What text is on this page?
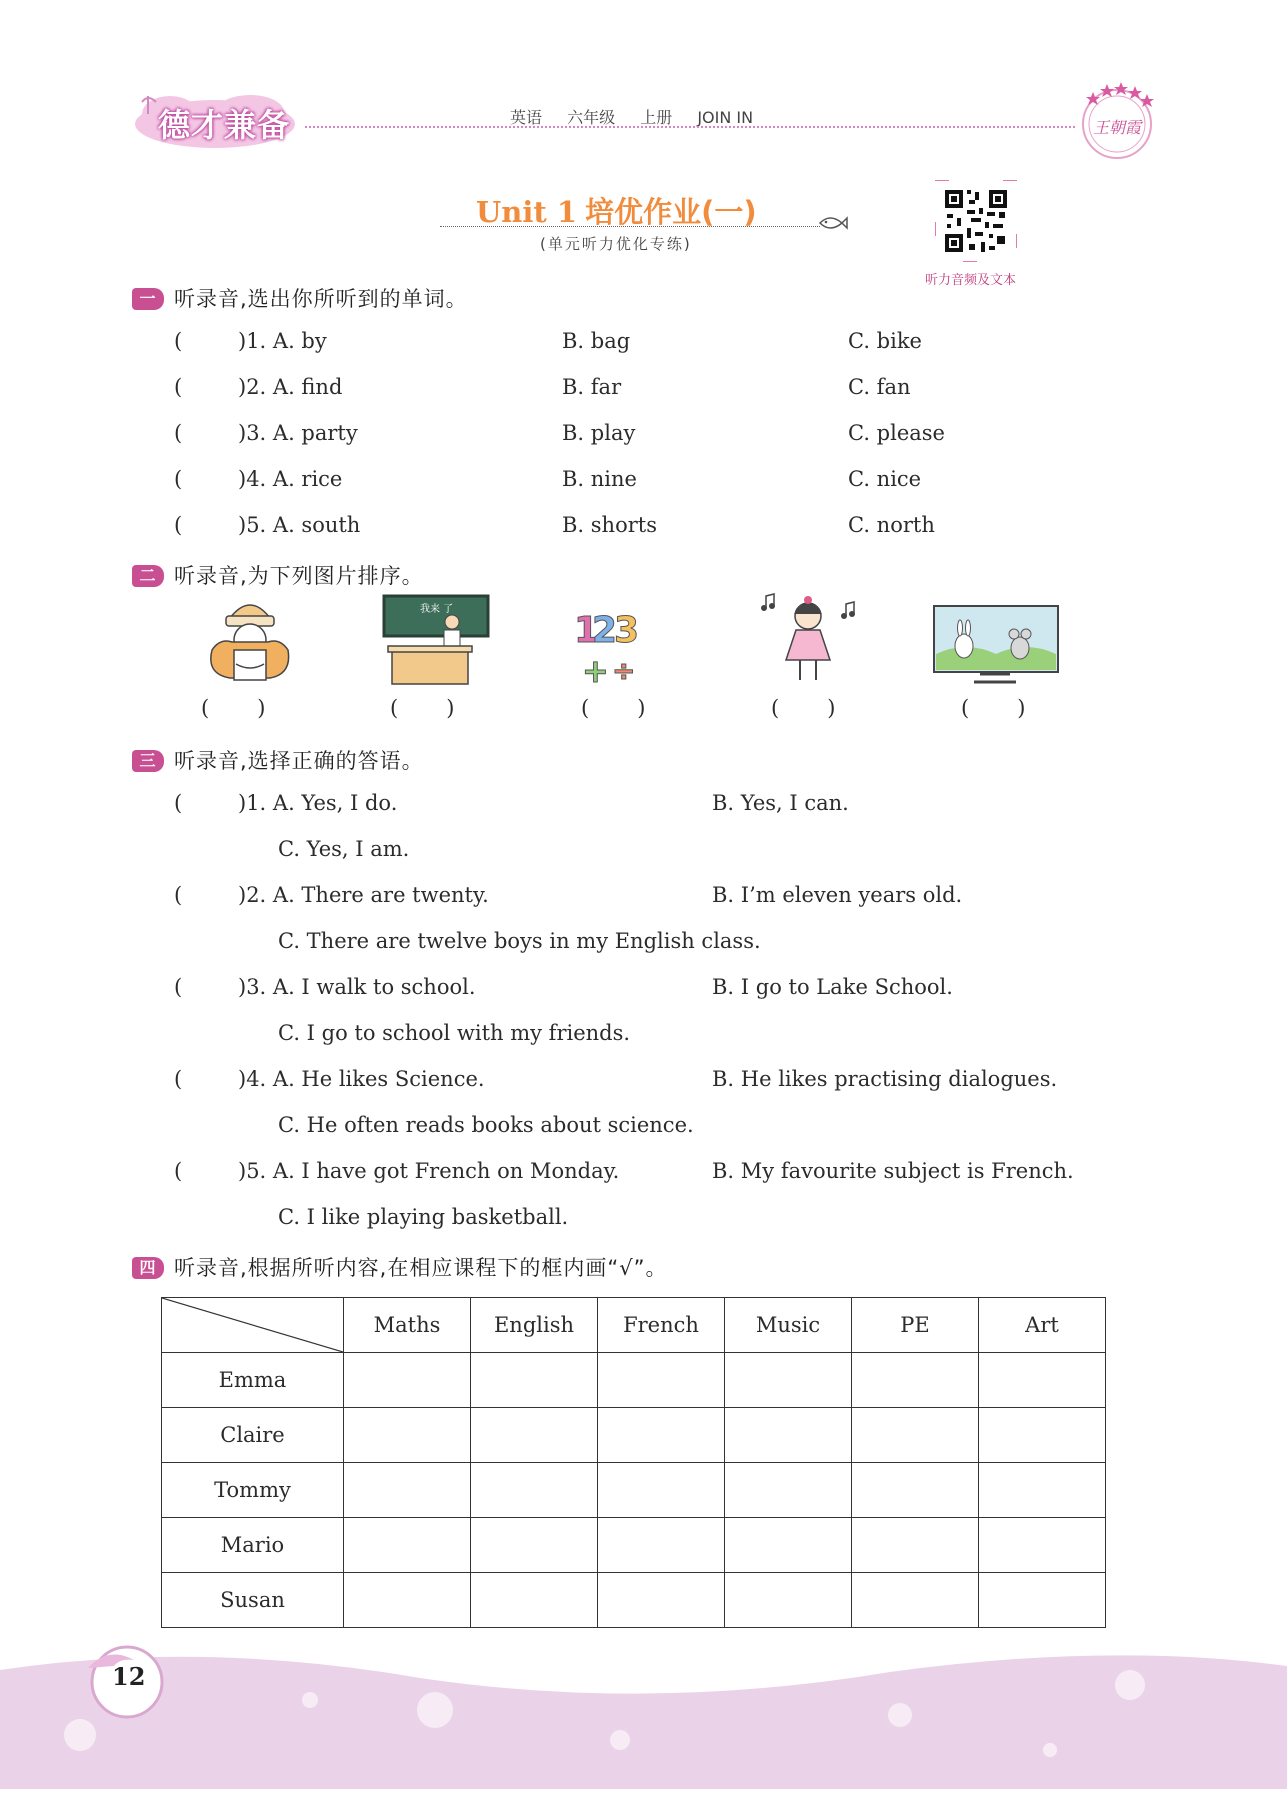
德才兼备	英语 六年级 上册 JOIN IN
王朝霞
Unit 1 培优作业(一)
(单元听力优化专练)
听力音频及文本
一 听录音,选出你所听到的单词。
(	)1. A. by	B. bag	C. bike
(	)2. A. find	B. far	C. fan
(	)3. A. party	B. play	C. please
(	)4. A. rice	B. nine	C. nice
(	)5. A. south	B. shorts	C. north
二 听录音,为下列图片排序。
我来 了
1
2
3
+ ÷
( )	( )	( )	( )	( )
三 听录音,选择正确的答语。
(	)1. A. Yes, I do.	B. Yes, I can.
C. Yes, I am.
(	)2. A. There are twenty.	B. I’m eleven years old.
C. There are twelve boys in my English class.
(	)3. A. I walk to school.	B. I go to Lake School.
C. I go to school with my friends.
(	)4. A. He likes Science.	B. He likes practising dialogues.
C. He often reads books about science.
(	)5. A. I have got French on Monday.	B. My favourite subject is French.
C. I like playing basketball.
四 听录音,根据所听内容,在相应课程下的框内画“√”。
	Maths	English	French	Music	PE	Art
Emma						
Claire						
Tommy						
Mario						
Susan						
12
